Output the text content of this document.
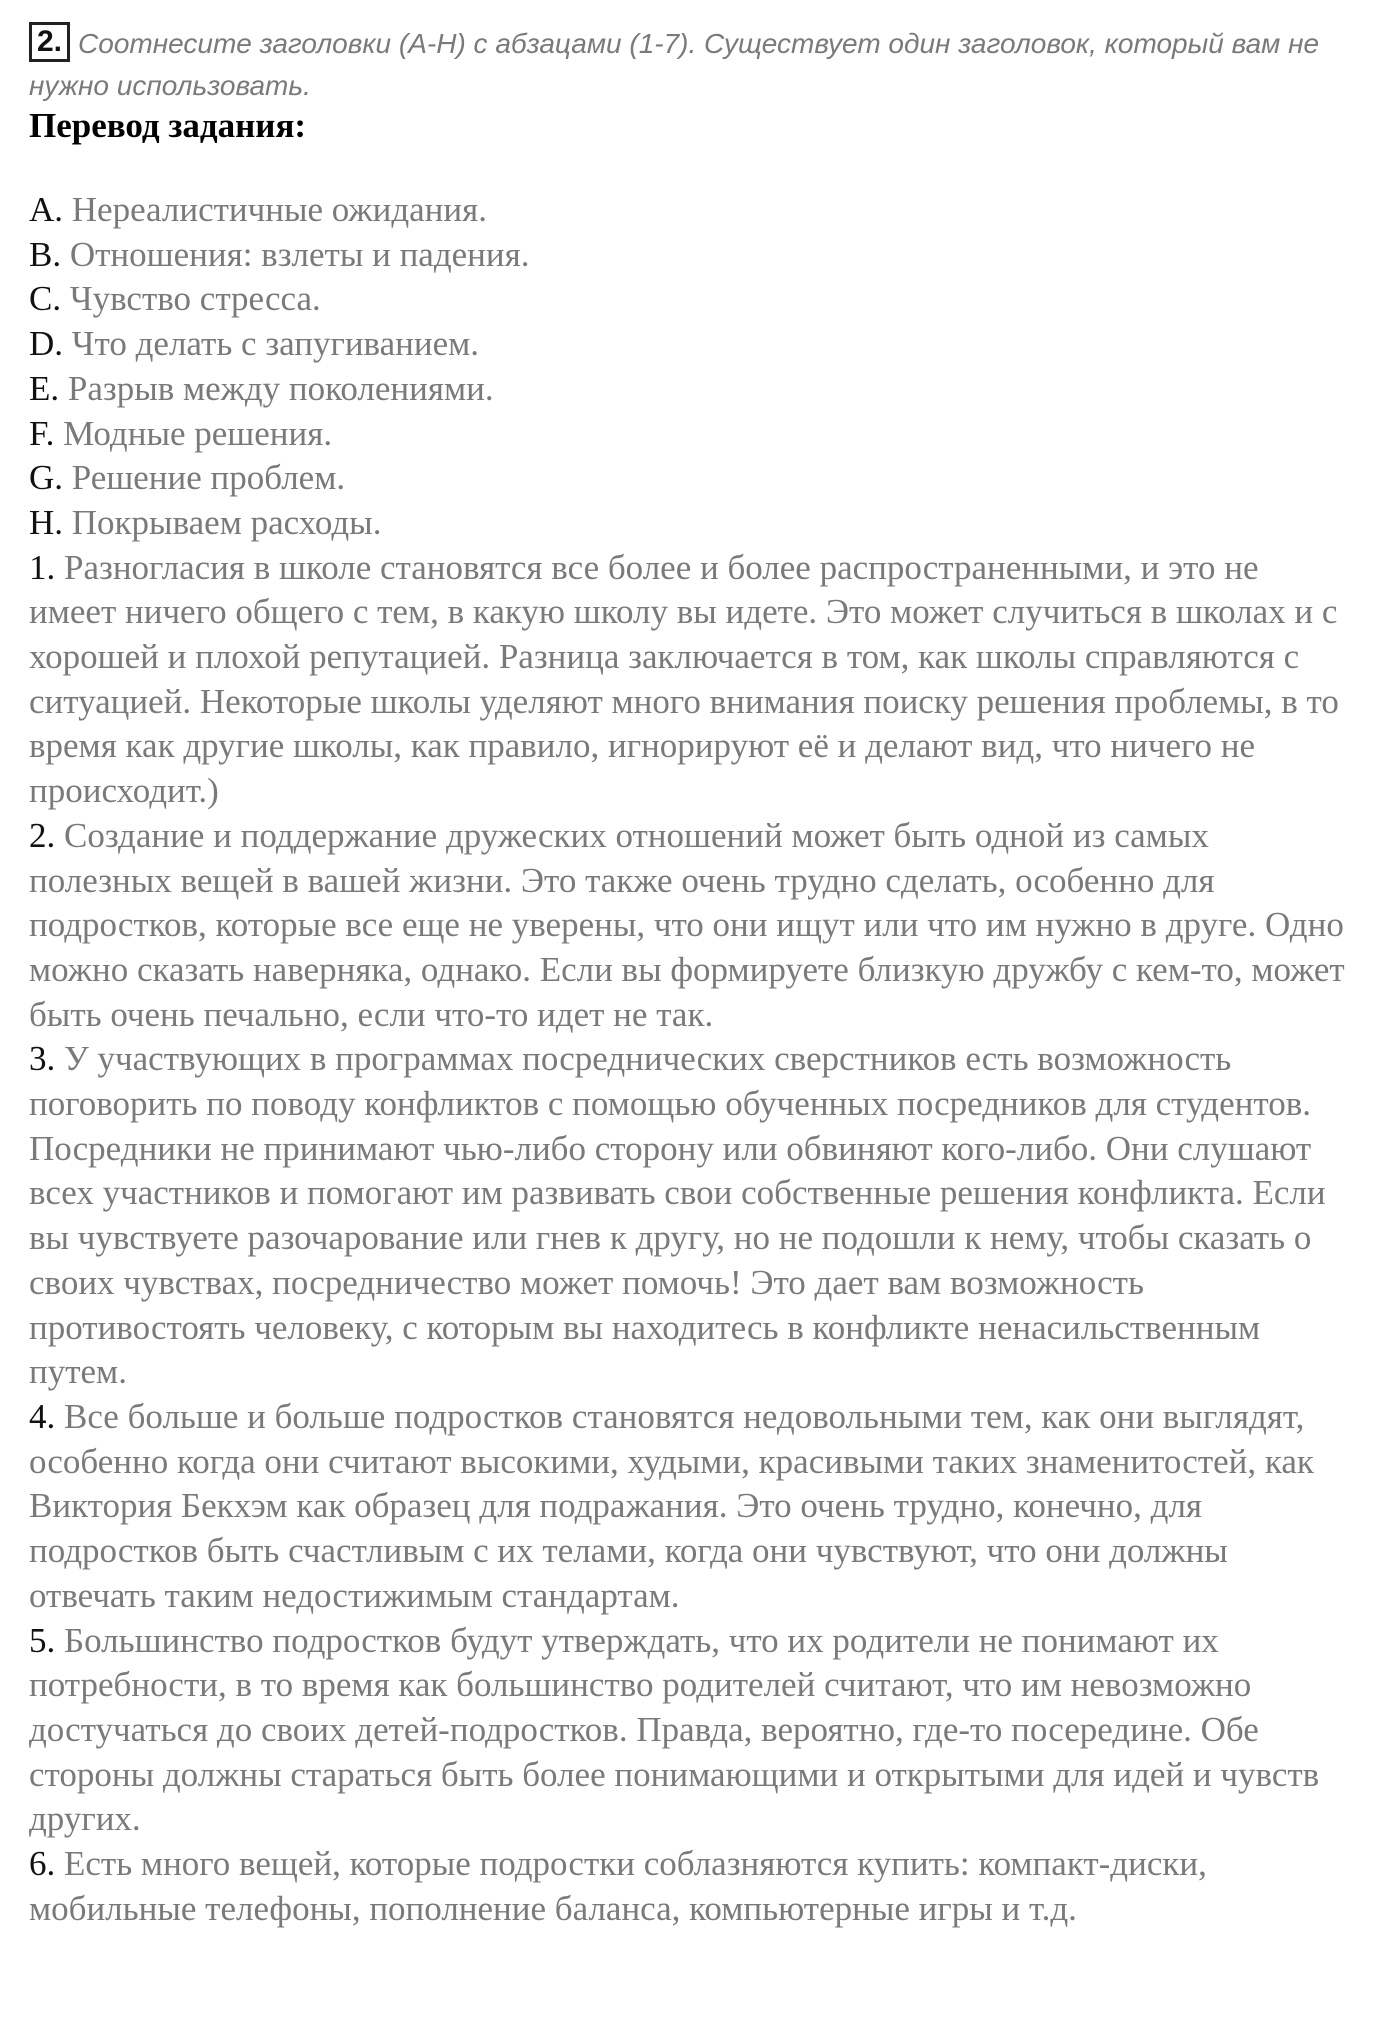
2. Соотнесите заголовки (A-H) с абзацами (1-7). Существует один заголовок, который вам не нужно использовать.
Перевод задания:

A. Нереалистичные ожидания.

B. Отношения: взлеты и падения.

C. Чувство стресса.

D. Что делать с запугиванием.

E. Разрыв между поколениями.

F. Модные решения.

G. Решение проблем.

H. Покрываем расходы.

1. Разногласия в школе становятся все более и более распространенными, и это не имеет ничего общего с тем, в какую школу вы идете. Это может случиться в школах и с хорошей и плохой репутацией. Разница заключается в том, как школы справляются с ситуацией. Некоторые школы уделяют много внимания поиску решения проблемы, в то время как другие школы, как правило, игнорируют её и делают вид, что ничего не происходит.)

2. Создание и поддержание дружеских отношений может быть одной из самых полезных вещей в вашей жизни. Это также очень трудно сделать, особенно для подростков, которые все еще не уверены, что они ищут или что им нужно в друге. Одно можно сказать наверняка, однако. Если вы формируете близкую дружбу с кем-то, может быть очень печально, если что-то идет не так.

3. У участвующих в программах посреднических сверстников есть возможность поговорить по поводу конфликтов с помощью обученных посредников для студентов. Посредники не принимают чью-либо сторону или обвиняют кого-либо. Они слушают всех участников и помогают им развивать свои собственные решения конфликта. Если вы чувствуете разочарование или гнев к другу, но не подошли к нему, чтобы сказать о своих чувствах, посредничество может помочь! Это дает вам возможность противостоять человеку, с которым вы находитесь в конфликте ненасильственным путем.

4. Все больше и больше подростков становятся недовольными тем, как они выглядят, особенно когда они считают высокими, худыми, красивыми таких знаменитостей, как Виктория Бекхэм как образец для подражания. Это очень трудно, конечно, для подростков быть счастливым с их телами, когда они чувствуют, что они должны отвечать таким недостижимым стандартам.

5. Большинство подростков будут утверждать, что их родители не понимают их потребности, в то время как большинство родителей считают, что им невозможно достучаться до своих детей-подростков. Правда, вероятно, где-то посередине. Обе стороны должны стараться быть более понимающими и открытыми для идей и чувств других.

6. Есть много вещей, которые подростки соблазняются купить: компакт-диски, мобильные телефоны, пополнение баланса, компьютерные игры и т.д.
